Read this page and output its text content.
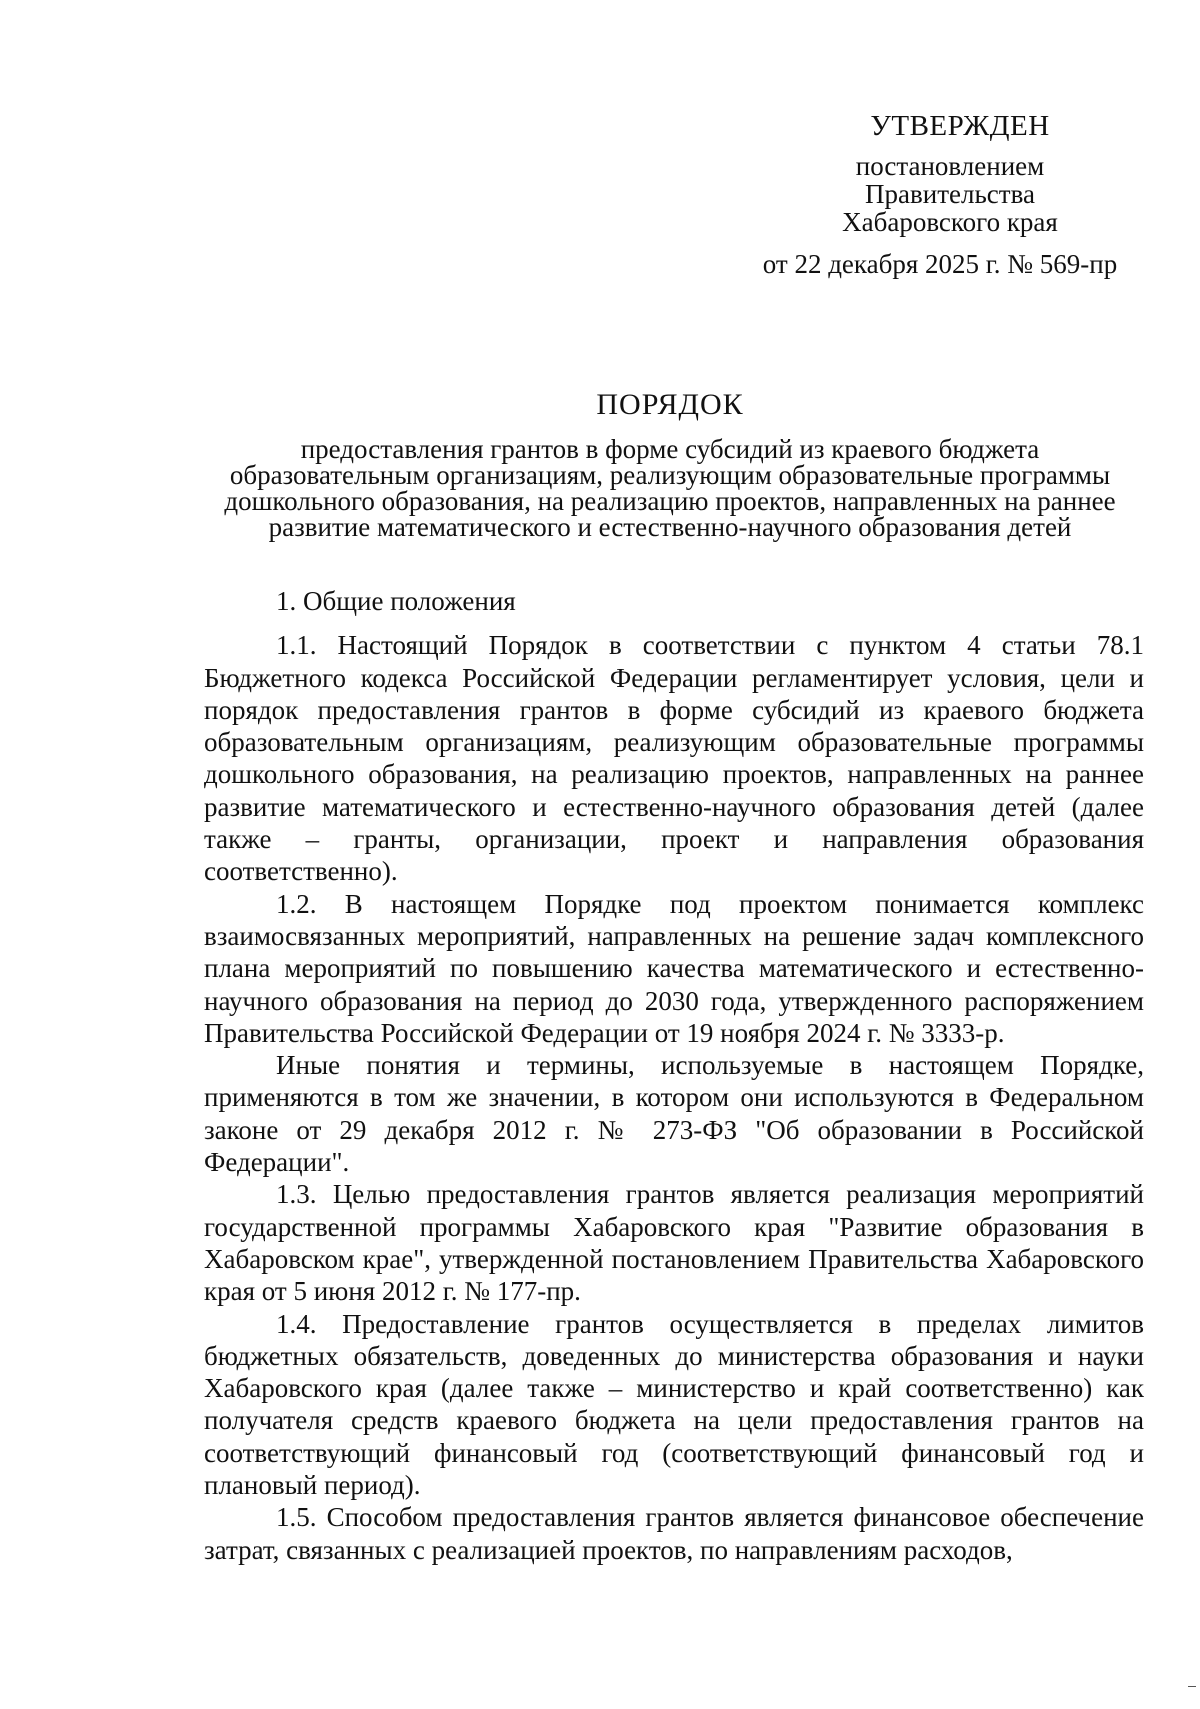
УТВЕРЖДЕН
постановлением
Правительства
Хабаровского края
от 22 декабря 2025 г. № 569-пр
ПОРЯДОК
предоставления грантов в форме субсидий из краевого бюджета
образовательным организациям, реализующим образовательные программы
дошкольного образования, на реализацию проектов, направленных на раннее
развитие математического и естественно-научного образования детей

1. Общие положения

1.1. Настоящий Порядок в соответствии с пунктом 4 статьи 78.1 Бюджетного кодекса Российской Федерации регламентирует условия, цели и порядок предоставления грантов в форме субсидий из краевого бюджета образовательным организациям, реализующим образовательные программы дошкольного образования, на реализацию проектов, направленных на раннее развитие математического и естественно-научного образования детей (далее также – гранты, организации, проект и направления образования соответственно).

1.2. В настоящем Порядке под проектом понимается комплекс взаимосвязанных мероприятий, направленных на решение задач комплексного плана мероприятий по повышению качества математического и естественно-научного образования на период до 2030 года, утвержденного распоряжением Правительства Российской Федерации от 19 ноября 2024 г. № 3333-р.

Иные понятия и термины, используемые в настоящем Порядке, применяются в том же значении, в котором они используются в Федеральном законе от 29 декабря 2012 г. № 273-ФЗ "Об образовании в Российской Федерации".

1.3. Целью предоставления грантов является реализация мероприятий государственной программы Хабаровского края "Развитие образования в Хабаровском крае", утвержденной постановлением Правительства Хабаровского края от 5 июня 2012 г. № 177-пр.

1.4. Предоставление грантов осуществляется в пределах лимитов бюджетных обязательств, доведенных до министерства образования и науки Хабаровского края (далее также – министерство и край соответственно) как получателя средств краевого бюджета на цели предоставления грантов на соответствующий финансовый год (соответствующий финансовый год и плановый период).

1.5. Способом предоставления грантов является финансовое обеспечение затрат, связанных с реализацией проектов, по направлениям расходов,
